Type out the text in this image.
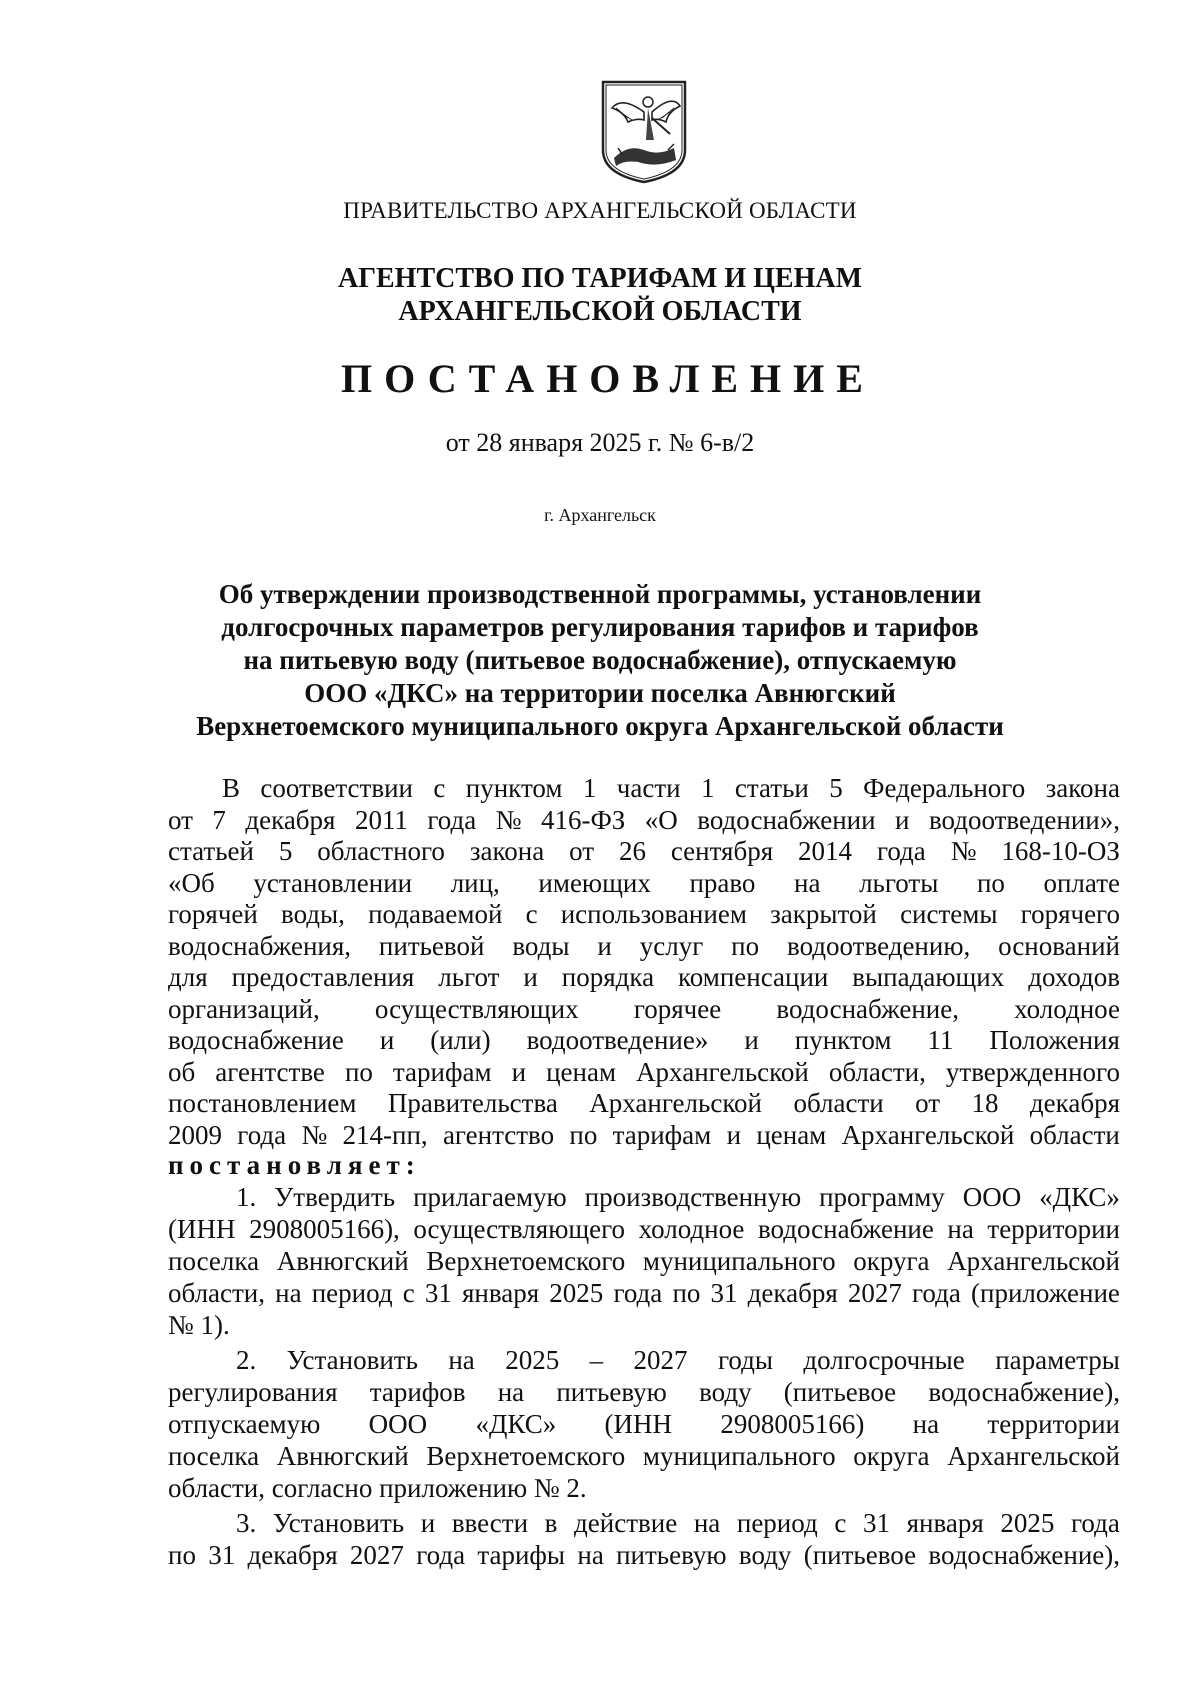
ПРАВИТЕЛЬСТВО АРХАНГЕЛЬСКОЙ ОБЛАСТИ
АГЕНТСТВО ПО ТАРИФАМ И ЦЕНАМ
АРХАНГЕЛЬСКОЙ ОБЛАСТИ
ПОСТАНОВЛЕНИЕ
от 28 января 2025 г. № 6-в/2
г. Архангельск
Об утверждении производственной программы, установлении
долгосрочных параметров регулирования тарифов и тарифов
на питьевую воду (питьевое водоснабжение), отпускаемую
ООО «ДКС» на территории поселка Авнюгский
Верхнетоемского муниципального округа Архангельской области
В соответствии с пунктом 1 части 1 статьи 5 Федерального закона
от 7 декабря 2011 года № 416-ФЗ «О водоснабжении и водоотведении»,
статьей 5 областного закона от 26 сентября 2014 года № 168-10-ОЗ
«Об установлении лиц, имеющих право на льготы по оплате
горячей воды, подаваемой с использованием закрытой системы горячего
водоснабжения, питьевой воды и услуг по водоотведению, оснований
для предоставления льгот и порядка компенсации выпадающих доходов
организаций, осуществляющих горячее водоснабжение, холодное
водоснабжение и (или) водоотведение» и пунктом 11 Положения
об агентстве по тарифам и ценам Архангельской области, утвержденного
постановлением Правительства Архангельской области от 18 декабря
2009 года № 214-пп, агентство по тарифам и ценам Архангельской области
постановляет:
1. Утвердить прилагаемую производственную программу ООО «ДКС»
(ИНН 2908005166), осуществляющего холодное водоснабжение на территории
поселка Авнюгский Верхнетоемского муниципального округа Архангельской
области, на период с 31 января 2025 года по 31 декабря 2027 года (приложение
№ 1).
2. Установить на 2025 – 2027 годы долгосрочные параметры
регулирования тарифов на питьевую воду (питьевое водоснабжение),
отпускаемую ООО «ДКС» (ИНН 2908005166) на территории
поселка Авнюгский Верхнетоемского муниципального округа Архангельской
области, согласно приложению № 2.
3. Установить и ввести в действие на период с 31 января 2025 года
по 31 декабря 2027 года тарифы на питьевую воду (питьевое водоснабжение),
